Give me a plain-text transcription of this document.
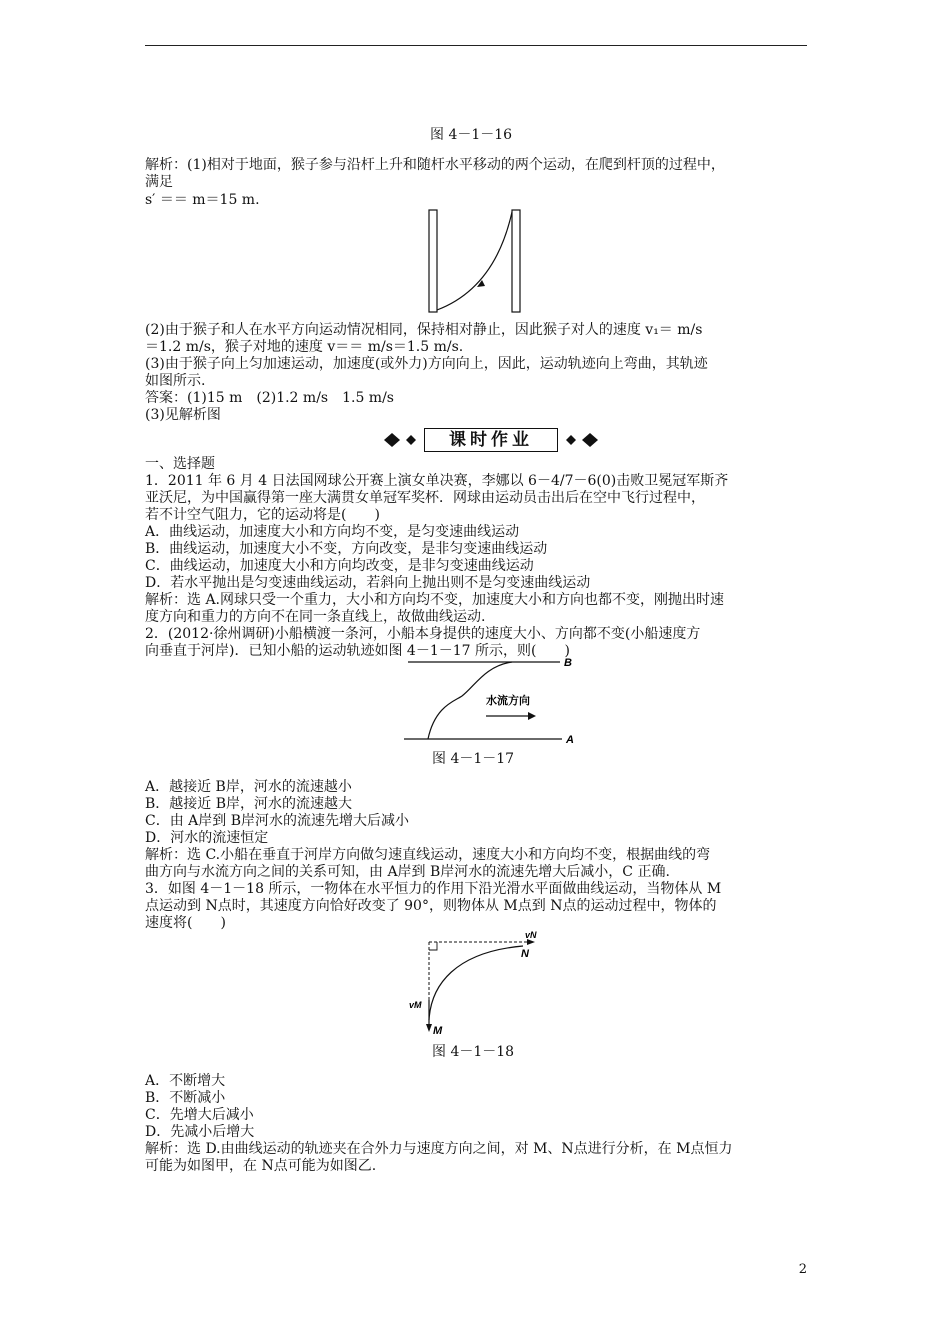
图 4－1－16
解析：(1)相对于地面，猴子参与沿杆上升和随杆水平移动的两个运动，在爬到杆顶的过程中，
满足
s′ ＝＝ m＝15 m.
(2)由于猴子和人在水平方向运动情况相同，保持相对静止，因此猴子对人的速度 v₁＝ m/s
＝1.2 m/s，猴子对地的速度 v＝＝ m/s＝1.5 m/s.
(3)由于猴子向上匀加速运动，加速度(或外力)方向向上，因此，运动轨迹向上弯曲，其轨迹
如图所示.
答案：(1)15 m　(2)1.2 m/s　1.5 m/s
(3)见解析图
课时作业
一、选择题
1．2011 年 6 月 4 日法国网球公开赛上演女单决赛，李娜以 6－4/7－6(0)击败卫冕冠军斯齐
亚沃尼，为中国赢得第一座大满贯女单冠军奖杯．网球由运动员击出后在空中飞行过程中，
若不计空气阻力，它的运动将是(　　)
A．曲线运动，加速度大小和方向均不变，是匀变速曲线运动
B．曲线运动，加速度大小不变，方向改变，是非匀变速曲线运动
C．曲线运动，加速度大小和方向均改变，是非匀变速曲线运动
D．若水平抛出是匀变速曲线运动，若斜向上抛出则不是匀变速曲线运动
解析：选 A.网球只受一个重力，大小和方向均不变，加速度大小和方向也都不变，刚抛出时速
度方向和重力的方向不在同一条直线上，故做曲线运动.
2．(2012·徐州调研)小船横渡一条河，小船本身提供的速度大小、方向都不变(小船速度方
向垂直于河岸)．已知小船的运动轨迹如图 4－1－17 所示，则(　　)
B
A
水流方向
图 4－1－17
A．越接近 B岸，河水的流速越小
B．越接近 B岸，河水的流速越大
C．由 A岸到 B岸河水的流速先增大后减小
D．河水的流速恒定
解析：选 C.小船在垂直于河岸方向做匀速直线运动，速度大小和方向均不变，根据曲线的弯
曲方向与水流方向之间的关系可知，由 A岸到 B岸河水的流速先增大后减小，C 正确.
3．如图 4－1－18 所示，一物体在水平恒力的作用下沿光滑水平面做曲线运动，当物体从 M
点运动到 N点时，其速度方向恰好改变了 90°，则物体从 M点到 N点的运动过程中，物体的
速度将(　　)
vN
N
vM
M
图 4－1－18
A．不断增大
B．不断减小
C．先增大后减小
D．先减小后增大
解析：选 D.由曲线运动的轨迹夹在合外力与速度方向之间，对 M、N点进行分析，在 M点恒力
可能为如图甲，在 N点可能为如图乙.
2
